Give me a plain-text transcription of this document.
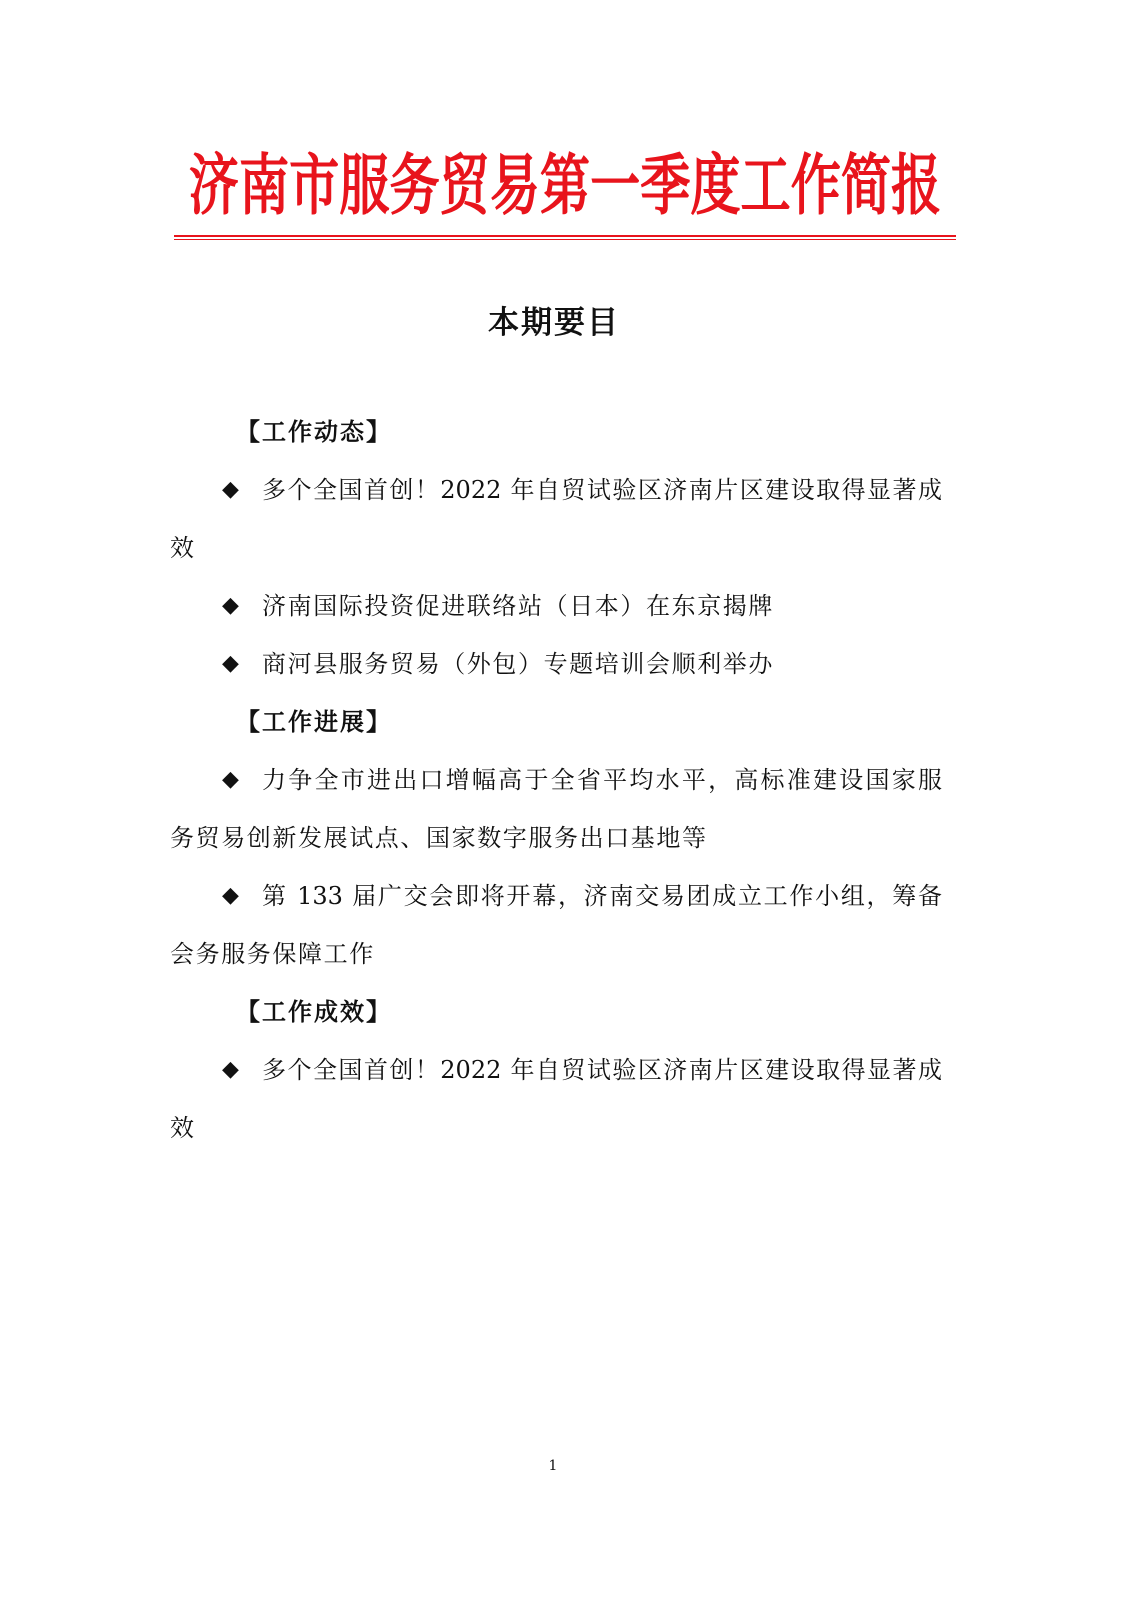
济南市服务贸易第一季度工作简报
本期要目
【工作动态】
◆ 多个全国首创！2022 年自贸试验区济南片区建设取得显著成
效
◆ 济南国际投资促进联络站（日本）在东京揭牌
◆ 商河县服务贸易（外包）专题培训会顺利举办
【工作进展】
◆ 力争全市进出口增幅高于全省平均水平，高标准建设国家服
务贸易创新发展试点、国家数字服务出口基地等
◆ 第 133 届广交会即将开幕，济南交易团成立工作小组，筹备
会务服务保障工作
【工作成效】
◆ 多个全国首创！2022 年自贸试验区济南片区建设取得显著成
效
1
